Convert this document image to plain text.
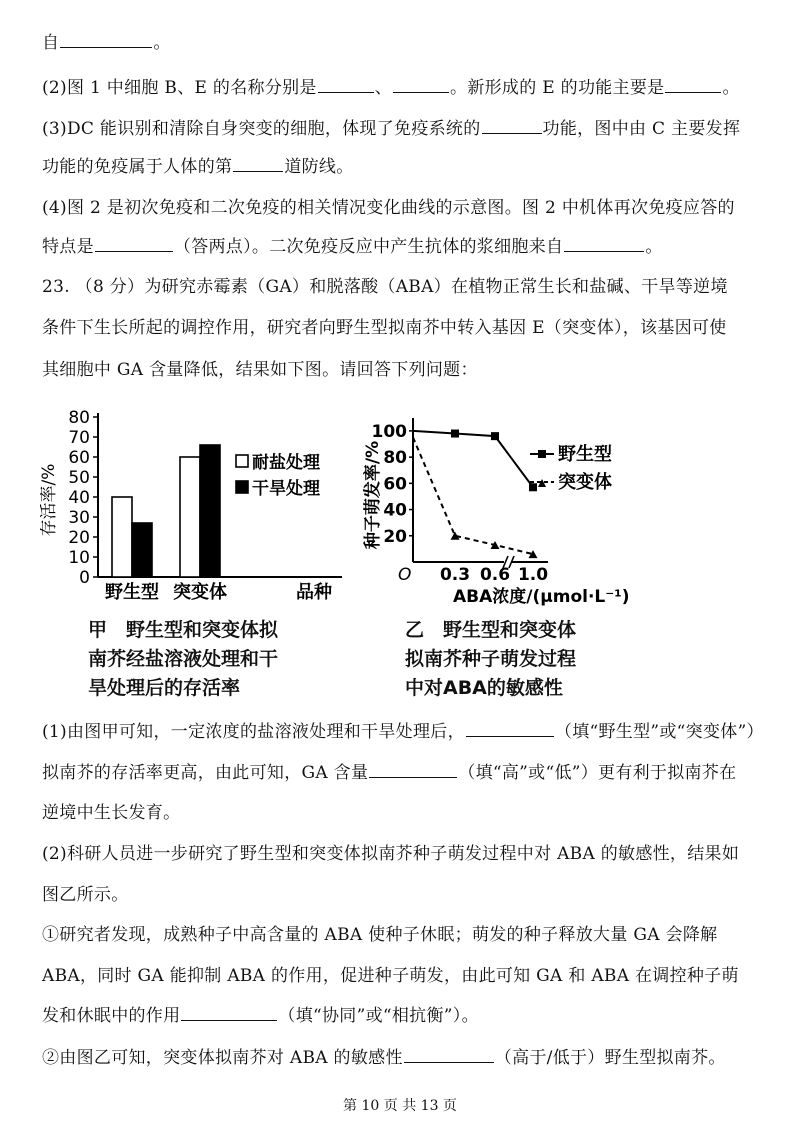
自	。
(2)图 1 中细胞 B、E 的名称分别是	、	。新形成的 E 的功能主要是	。
(3)DC 能识别和清除自身突变的细胞，体现了免疫系统的	功能，图中由 C 主要发挥
功能的免疫属于人体的第	道防线。
(4)图 2 是初次免疫和二次免疫的相关情况变化曲线的示意图。图 2 中机体再次免疫应答的
特点是	（答两点）。二次免疫反应中产生抗体的浆细胞来自	。
23. （8 分）为研究赤霉素（GA）和脱落酸（ABA）在植物正常生长和盐碱、干旱等逆境
条件下生长所起的调控作用，研究者向野生型拟南芥中转入基因 E（突变体），该基因可使
其细胞中 GA 含量降低，结果如下图。请回答下列问题：
0
10
20
30
40
50
60
70
80
存活率/%
野生型 突变体	品种
耐盐处理
干旱处理	种子萌发率/% 20
40
60
80
100
0.3 0.6 1.0
O
ABA浓度/(μmol·L⁻¹)
野生型
突变体
甲　野生型和突变体拟
南芥经盐溶液处理和干
旱处理后的存活率
乙　野生型和突变体
拟南芥种子萌发过程
中对ABA的敏感性
(1)由图甲可知，一定浓度的盐溶液处理和干旱处理后，	（填“野生型”或“突变体”）
拟南芥的存活率更高，由此可知，GA 含量	（填“高”或“低”）更有利于拟南芥在
逆境中生长发育。
(2)科研人员进一步研究了野生型和突变体拟南芥种子萌发过程中对 ABA 的敏感性，结果如
图乙所示。
①研究者发现，成熟种子中高含量的 ABA 使种子休眠；萌发的种子释放大量 GA 会降解
ABA，同时 GA 能抑制 ABA 的作用，促进种子萌发，由此可知 GA 和 ABA 在调控种子萌
发和休眠中的作用	（填“协同”或“相抗衡”）。
②由图乙可知，突变体拟南芥对 ABA 的敏感性	（高于/低于）野生型拟南芥。
第 10 页 共 13 页
